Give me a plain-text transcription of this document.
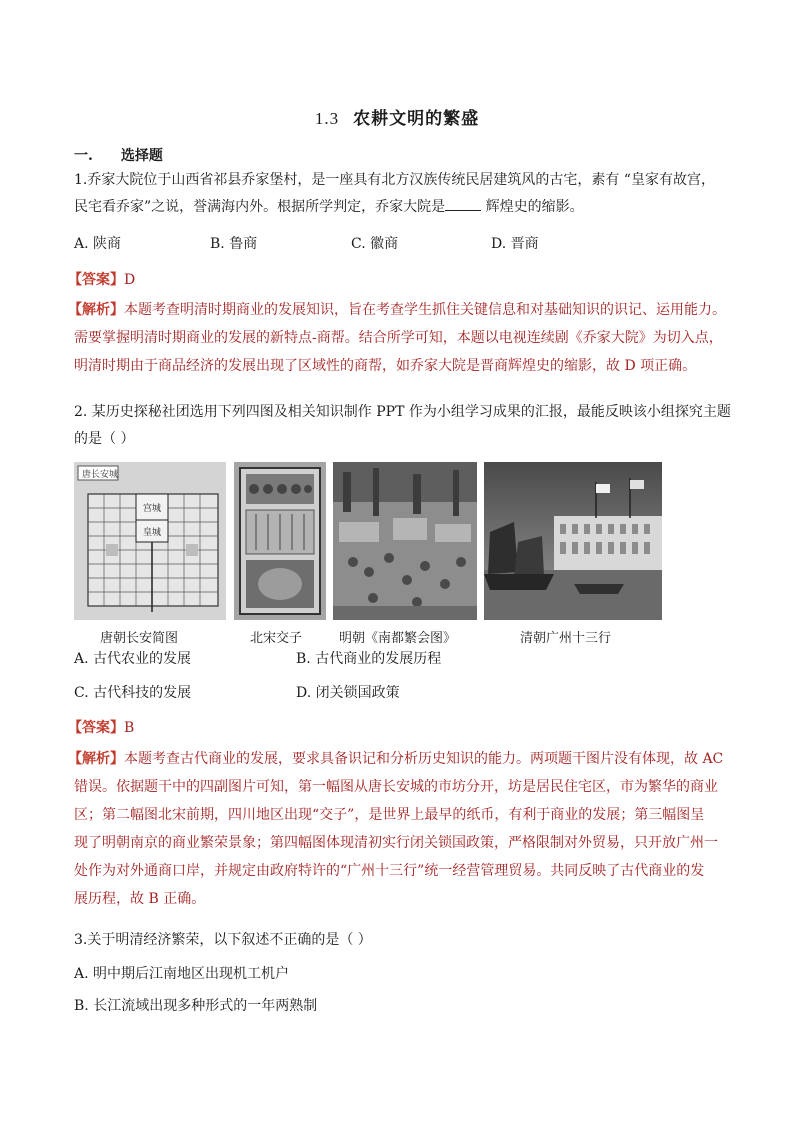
1.3 农耕文明的繁盛
一. 选择题
1.乔家大院位于山西省祁县乔家堡村，是一座具有北方汉族传统民居建筑风的古宅，素有 “皇家有故宫，
民宅看乔家”之说，誉满海内外。根据所学判定，乔家大院是	辉煌史的缩影。
A. 陕商	B. 鲁商	C. 徽商	D. 晋商
【答案】D
【解析】本题考查明清时期商业的发展知识，旨在考查学生抓住关键信息和对基础知识的识记、运用能力。
需要掌握明清时期商业的发展的新特点-商帮。结合所学可知，本题以电视连续剧《乔家大院》为切入点，
明清时期由于商品经济的发展出现了区域性的商帮，如乔家大院是晋商辉煌史的缩影，故 D 项正确。
2. 某历史探秘社团选用下列四图及相关知识制作 PPT 作为小组学习成果的汇报，最能反映该小组探究主题
的是（ ）
唐长安城
宫城
皇城
唐朝长安简图	北宋交子	明朝《南都繁会图》	清朝广州十三行
A. 古代农业的发展	B. 古代商业的发展历程
C. 古代科技的发展	D. 闭关锁国政策
【答案】B
【解析】本题考查古代商业的发展，要求具备识记和分析历史知识的能力。两项题干图片没有体现，故 AC
错误。依据题干中的四副图片可知，第一幅图从唐长安城的市坊分开，坊是居民住宅区，市为繁华的商业
区；第二幅图北宋前期，四川地区出现“交子”，是世界上最早的纸币，有利于商业的发展；第三幅图呈
现了明朝南京的商业繁荣景象；第四幅图体现清初实行闭关锁国政策，严格限制对外贸易，只开放广州一
处作为对外通商口岸，并规定由政府特许的“广州十三行”统一经营管理贸易。共同反映了古代商业的发
展历程，故 B 正确。
3.关于明清经济繁荣，以下叙述不正确的是（ ）
A. 明中期后江南地区出现机工机户
B. 长江流域出现多种形式的一年两熟制
